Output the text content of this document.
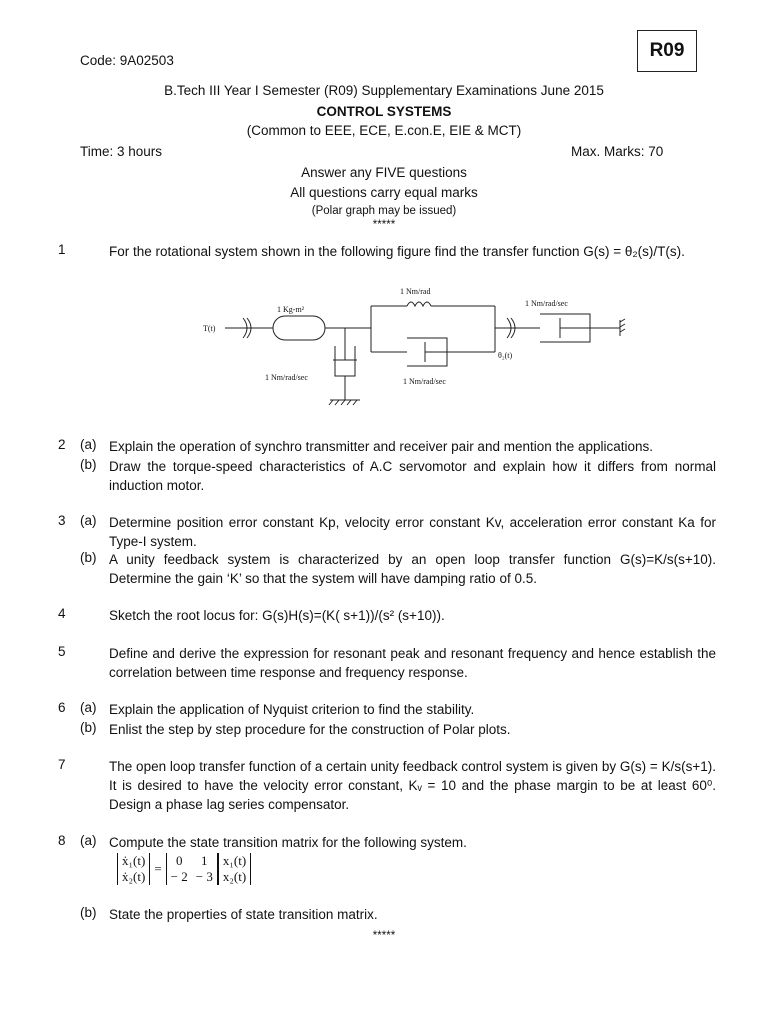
Code: 9A02503	R09
B.Tech III Year I Semester (R09) Supplementary Examinations June 2015
CONTROL SYSTEMS
(Common to EEE, ECE, E.con.E, EIE & MCT)
Time: 3 hours	Max. Marks: 70
Answer any FIVE questions
All questions carry equal marks
(Polar graph may be issued)
*****
1	For the rotational system shown in the following figure find the transfer function G(s) = θ₂(s)/T(s).
T(t)
1 Kg-m²
1 Nm/rad
1 Nm/rad/sec
1 Nm/rad/sec	1 Nm/rad/sec
θ₂(t)
2 (a) Explain the operation of synchro transmitter and receiver pair and mention the applications.
(b) Draw the torque-speed characteristics of A.C servomotor and explain how it differs from normal induction motor.
3 (a) Determine position error constant Kp, velocity error constant Kv, acceleration error constant Ka for Type-I system.
(b) A unity feedback system is characterized by an open loop transfer function G(s)=K/s(s+10). Determine the gain ‘K’ so that the system will have damping ratio of 0.5.
4	Sketch the root locus for: G(s)H(s)=(K( s+1))/(s² (s+10)).
5	Define and derive the expression for resonant peak and resonant frequency and hence establish the correlation between time response and frequency response.
6 (a) Explain the application of Nyquist criterion to find the stability.
(b) Enlist the step by step procedure for the construction of Polar plots.
7	The open loop transfer function of a certain unity feedback control system is given by G(s) = K/s(s+1). It is desired to have the velocity error constant, Kᵥ = 10 and the phase margin to be at least 60⁰. Design a phase lag series compensator.
8 (a) Compute the state transition matrix for the following system.
ẋ₁(t)	=	0	1	x₁(t)
ẋ₂(t)		− 2	− 3	x₂(t)
(b) State the properties of state transition matrix.
*****
